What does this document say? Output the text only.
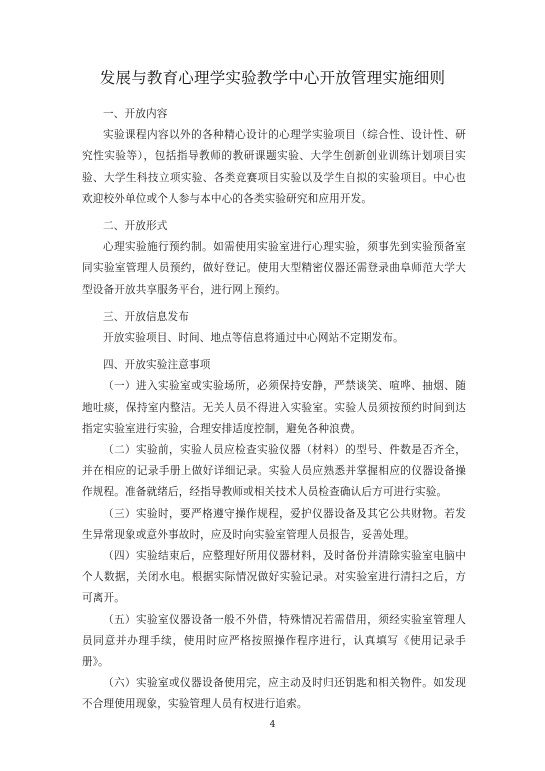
发展与教育心理学实验教学中心开放管理实施细则

一、开放内容

实验课程内容以外的各种精心设计的心理学实验项目（综合性、设计性、研究性实验等），包括指导教师的教研课题实验、大学生创新创业训练计划项目实验、大学生科技立项实验、各类竞赛项目实验以及学生自拟的实验项目。中心也欢迎校外单位或个人参与本中心的各类实验研究和应用开发。

二、开放形式

心理实验施行预约制。如需使用实验室进行心理实验，须事先到实验预备室同实验室管理人员预约，做好登记。使用大型精密仪器还需登录曲阜师范大学大型设备开放共享服务平台，进行网上预约。

三、开放信息发布

开放实验项目、时间、地点等信息将通过中心网站不定期发布。

四、开放实验注意事项

（一）进入实验室或实验场所，必须保持安静，严禁谈笑、喧哗、抽烟、随地吐痰，保持室内整洁。无关人员不得进入实验室。实验人员须按预约时间到达指定实验室进行实验，合理安排适度控制，避免各种浪费。

（二）实验前，实验人员应检查实验仪器（材料）的型号、件数是否齐全，并在相应的记录手册上做好详细记录。实验人员应熟悉并掌握相应的仪器设备操作规程。准备就绪后，经指导教师或相关技术人员检查确认后方可进行实验。

（三）实验时，要严格遵守操作规程，爱护仪器设备及其它公共财物。若发生异常现象或意外事故时，应及时向实验室管理人员报告，妥善处理。

（四）实验结束后，应整理好所用仪器材料，及时备份并清除实验室电脑中个人数据，关闭水电。根据实际情况做好实验记录。对实验室进行清扫之后，方可离开。

（五）实验室仪器设备一般不外借，特殊情况若需借用，须经实验室管理人员同意并办理手续，使用时应严格按照操作程序进行，认真填写《使用记录手册》。

（六）实验室或仪器设备使用完，应主动及时归还钥匙和相关物件。如发现不合理使用现象，实验管理人员有权进行追索。

4
